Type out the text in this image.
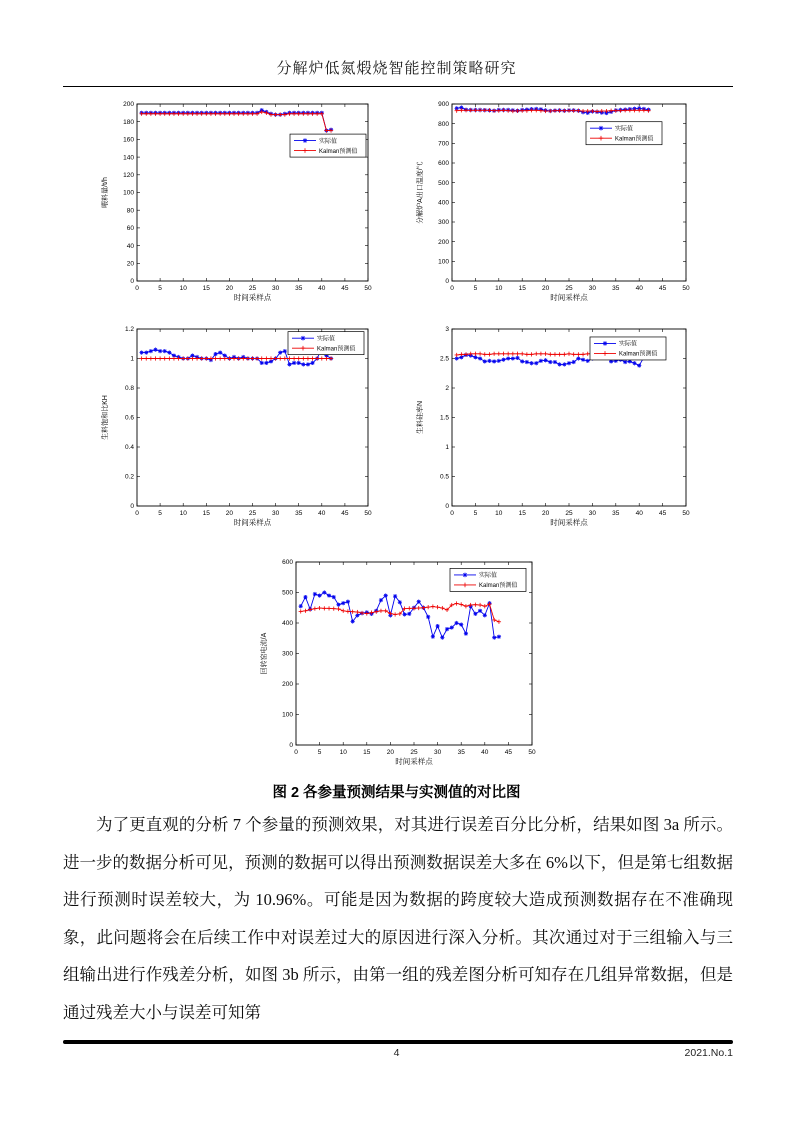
分解炉低氮煅烧智能控制策略研究
0	5	10 15 20 25 30 35 40 45 50
0
20
40
60
80
100
120
140
160
180
200
时间采样点
喂料量/t/h
实际值
Kalman预测值
0	5	10 15 20 25 30 35 40 45 50
0
100
200
300
400
500
600
700
800
900
时间采样点
分解炉A出口温度/℃
实际值
Kalman预测值
0	5	10 15 20 25 30 35 40 45 50
0
0.2
0.4
0.6
0.8
1
1.2
时间采样点
生料饱和比KH
实际值
Kalman预测值
0	5	10 15 20 25 30 35 40 45 50
0
0.5
1
1.5
2
2.5
3
时间采样点
生料硅率N
实际值
Kalman预测值
0	5	10	15	20	25	30	35	40	45	50
0
100
200
300
400
500
600
时间采样点
回转窑电流/A
实际值
Kalman预测值
图 2 各参量预测结果与实测值的对比图
为了更直观的分析 7 个参量的预测效果，对其进行误差百分比分析，结果如图 3a 所示。进一步的数据分析可见，预测的数据可以得出预测数据误差大多在 6%以下，但是第七组数据进行预测时误差较大，为 10.96%。可能是因为数据的跨度较大造成预测数据存在不准确现象，此问题将会在后续工作中对误差过大的原因进行深入分析。其次通过对于三组输入与三组输出进行作残差分析，如图 3b 所示，由第一组的残差图分析可知存在几组异常数据，但是通过残差大小与误差可知第
4	2021.No.1
